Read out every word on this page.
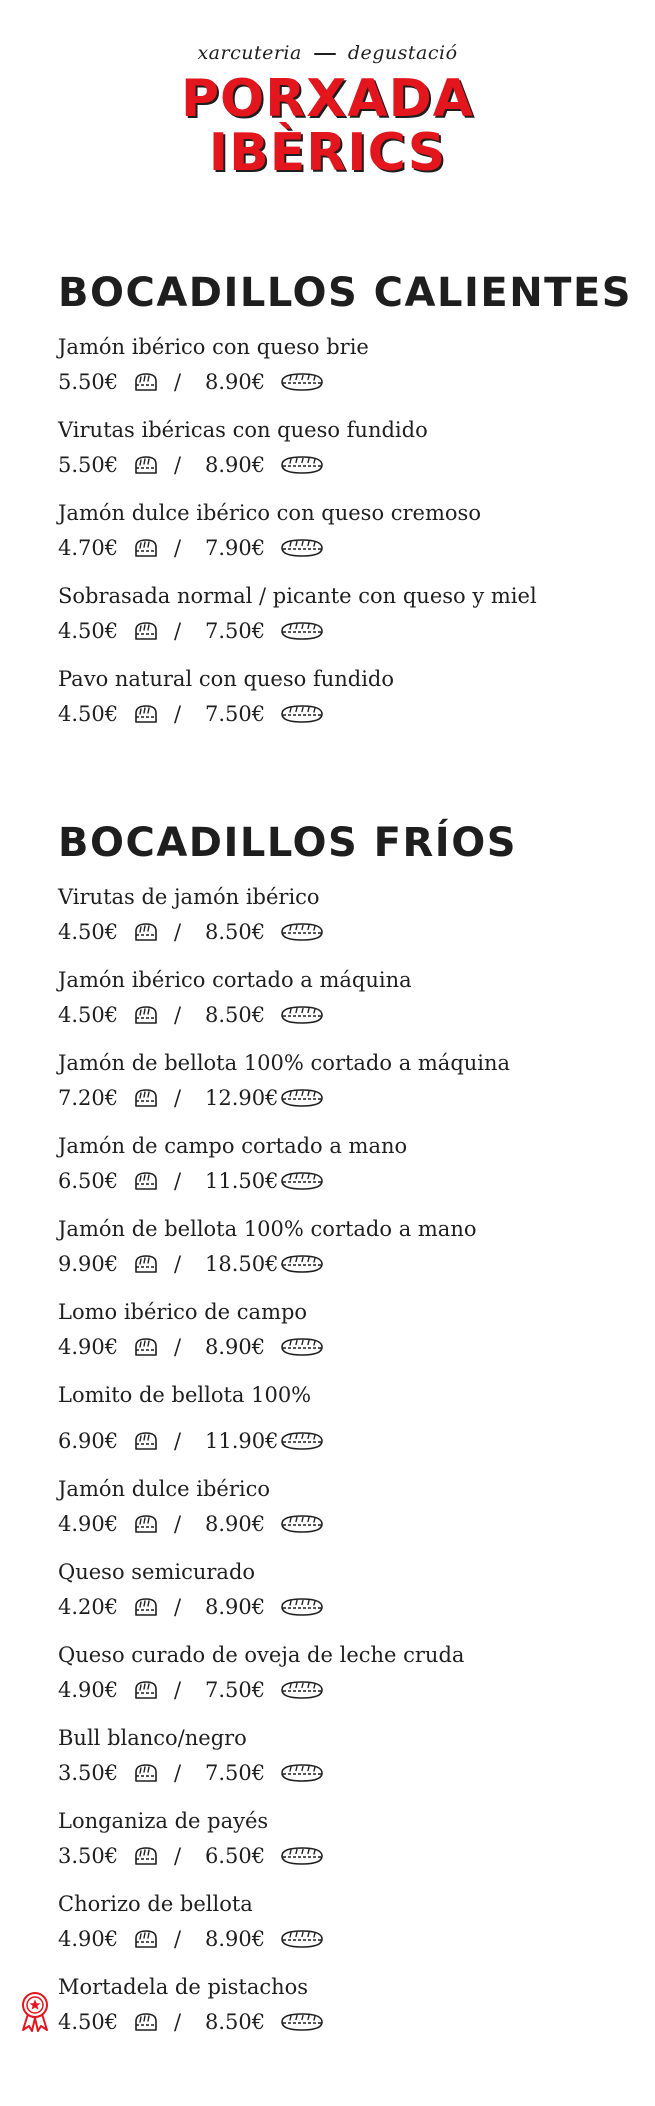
xarcuteria degustació
PORXADA
IBÈRICS
BOCADILLOS CALIENTES
Jamón ibérico con queso brie
5.50€	/ 8.90€
Virutas ibéricas con queso fundido
5.50€	/ 8.90€
Jamón dulce ibérico con queso cremoso
4.70€	/ 7.90€
Sobrasada normal / picante con queso y miel
4.50€	/ 7.50€
Pavo natural con queso fundido
4.50€	/ 7.50€
BOCADILLOS FRÍOS
Virutas de jamón ibérico
4.50€	/ 8.50€
Jamón ibérico cortado a máquina
4.50€	/ 8.50€
Jamón de bellota 100% cortado a máquina
7.20€	/ 12.90€
Jamón de campo cortado a mano
6.50€	/ 11.50€
Jamón de bellota 100% cortado a mano
9.90€	/ 18.50€
Lomo ibérico de campo
4.90€	/ 8.90€
Lomito de bellota 100%
6.90€	/ 11.90€
Jamón dulce ibérico
4.90€	/ 8.90€
Queso semicurado
4.20€	/ 8.90€
Queso curado de oveja de leche cruda
4.90€	/ 7.50€
Bull blanco/negro
3.50€	/ 7.50€
Longaniza de payés
3.50€	/ 6.50€
Chorizo de bellota
4.90€	/ 8.90€
Mortadela de pistachos
4.50€	/ 8.50€
